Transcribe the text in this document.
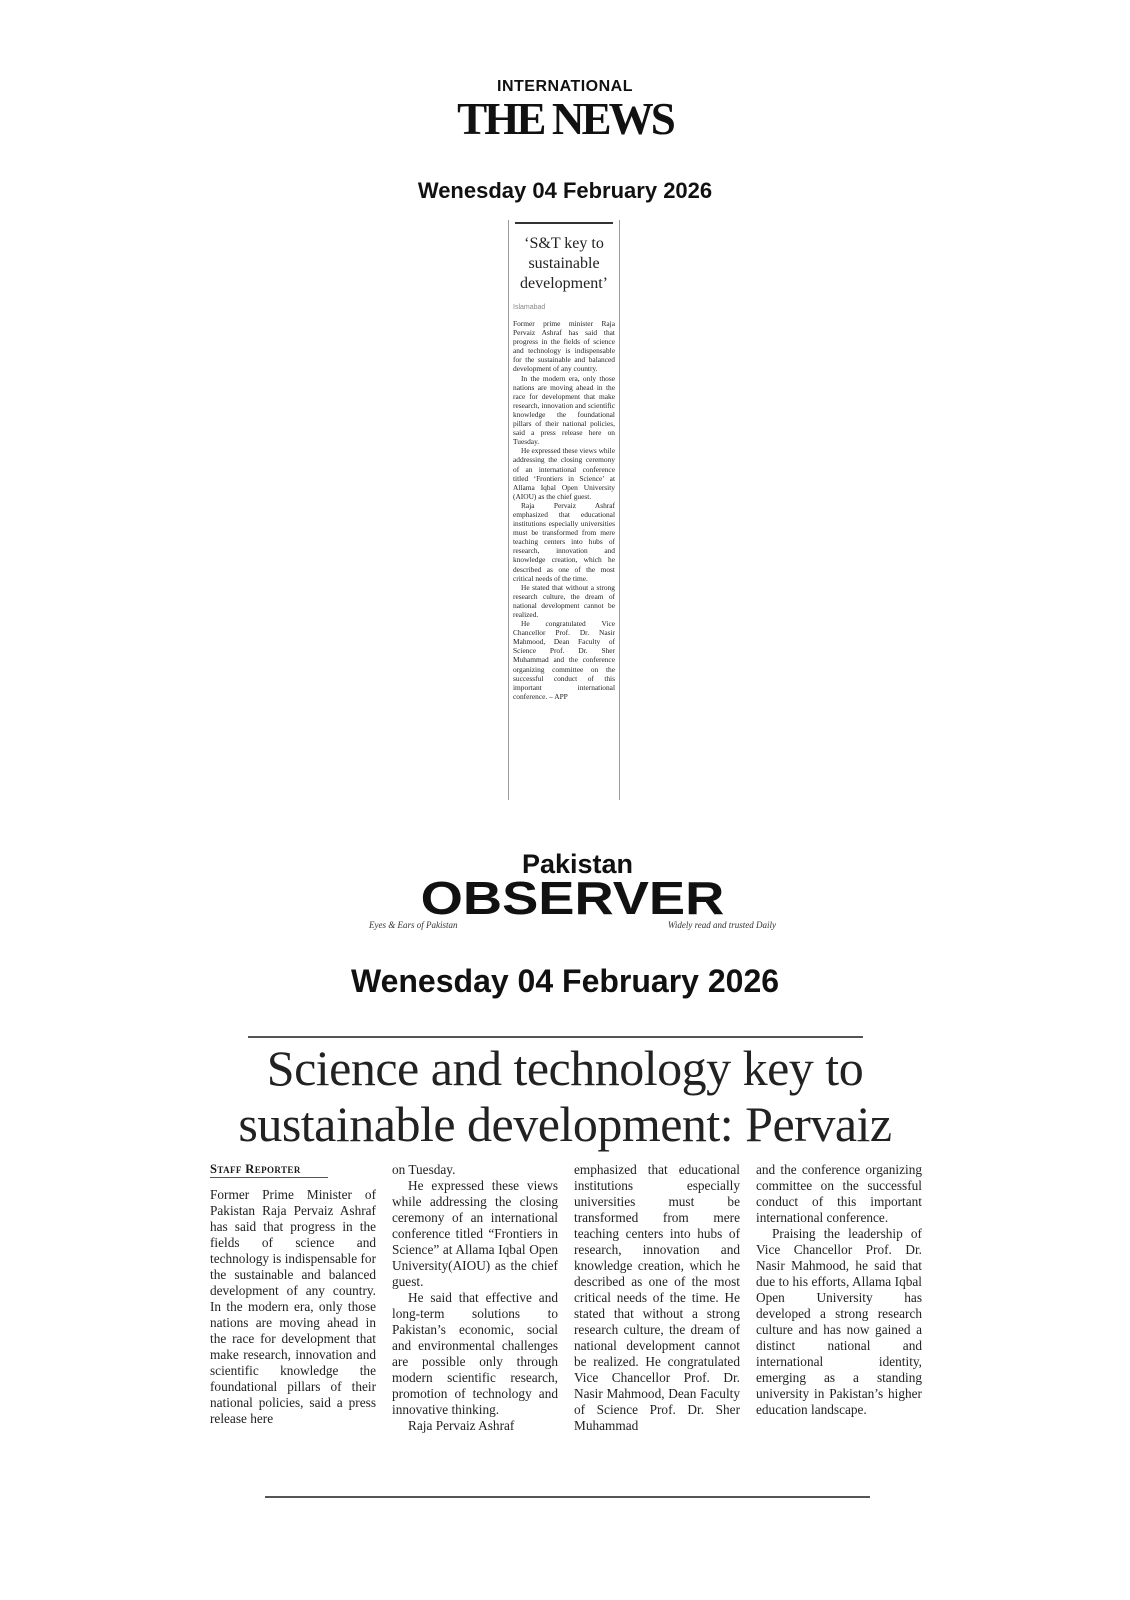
INTERNATIONAL
THE NEWS
Wenesday 04 February 2026
‘S&T key to sustainable development’
Islamabad

Former prime minister Raja Pervaiz Ashraf has said that progress in the fields of science and technology is indispensable for the sustainable and balanced development of any country.

In the modern era, only those nations are moving ahead in the race for development that make research, innovation and scientific knowledge the foundational pillars of their national policies, said a press release here on Tuesday.

He expressed these views while addressing the closing ceremony of an international conference titled ‘Frontiers in Science’ at Allama Iqbal Open University (AIOU) as the chief guest.

Raja Pervaiz Ashraf emphasized that educational institutions especially universities must be transformed from mere teaching centers into hubs of research, innovation and knowledge creation, which he described as one of the most critical needs of the time.

He stated that without a strong research culture, the dream of national development cannot be realized.

He congratulated Vice Chancellor Prof. Dr. Nasir Mahmood, Dean Faculty of Science Prof. Dr. Sher Muhammad and the conference organizing committee on the successful conduct of this important international conference. – APP

Pakistan
OBSERVER
Eyes & Ears of Pakistan	Widely read and trusted Daily
Wenesday 04 February 2026
Science and technology key to
sustainable development: Pervaiz
Staff Reporter

Former Prime Minister of Pakistan Raja Pervaiz Ashraf has said that progress in the fields of science and technology is indispensable for the sustainable and balanced development of any country. In the modern era, only those nations are moving ahead in the race for development that make research, innovation and scientific knowledge the foundational pillars of their national policies, said a press release here

on Tuesday.

He expressed these views while addressing the closing ceremony of an international conference titled “Frontiers in Science” at Allama Iqbal Open University(AIOU) as the chief guest.

He said that effective and long-term solutions to Pakistan’s economic, social and environmental challenges are possible only through modern scientific research, promotion of technology and innovative thinking.

Raja Pervaiz Ashraf

emphasized that educational institutions especially universities must be transformed from mere teaching centers into hubs of research, innovation and knowledge creation, which he described as one of the most critical needs of the time. He stated that without a strong research culture, the dream of national development cannot be realized. He congratulated Vice Chancellor Prof. Dr. Nasir Mahmood, Dean Faculty of Science Prof. Dr. Sher Muhammad

and the conference organizing committee on the successful conduct of this important international conference.

Praising the leadership of Vice Chancellor Prof. Dr. Nasir Mahmood, he said that due to his efforts, Allama Iqbal Open University has developed a strong research culture and has now gained a distinct national and international identity, emerging as a standing university in Pakistan’s higher education landscape.
